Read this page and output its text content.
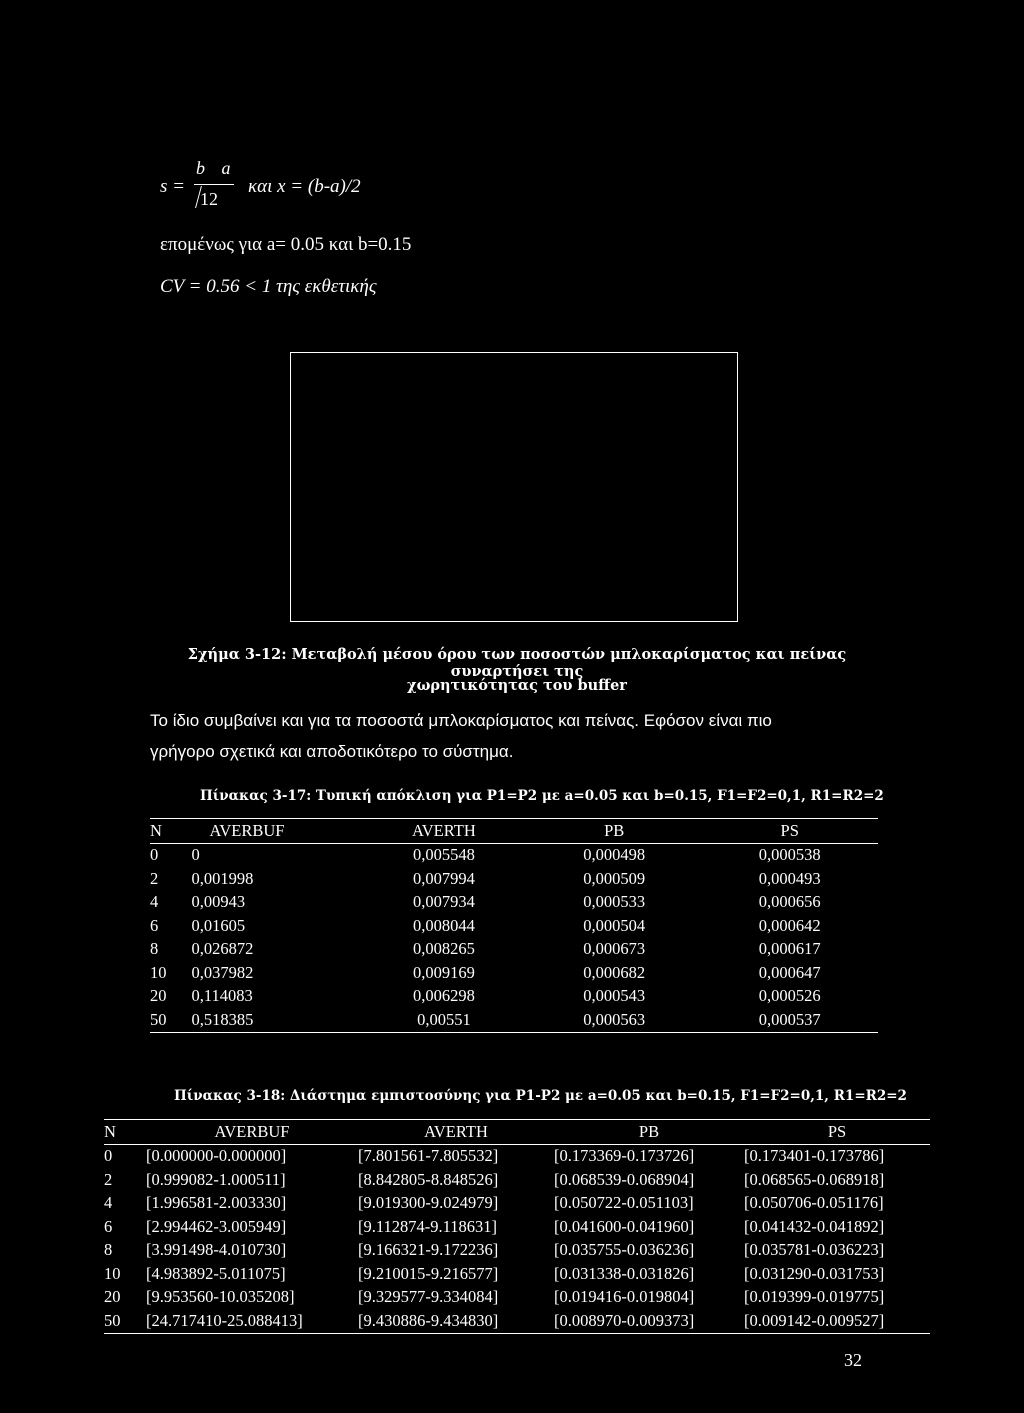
s =
b a
12
και x = (b-a)/2
επομένως για a= 0.05 και b=0.15
CV = 0.56 < 1 της εκθετικής
Σχήμα 3-12: Μεταβολή μέσου όρου των ποσοστών μπλοκαρίσματος και πείνας συναρτήσει της
χωρητικότητας του buffer
Το ίδιο συμβαίνει και για τα ποσοστά μπλοκαρίσματος και πείνας. Εφόσον είναι πιο
γρήγορο σχετικά και αποδοτικότερο το σύστημα.
Πίνακας 3-17: Τυπική απόκλιση για P1=P2 με a=0.05 και b=0.15, F1=F2=0,1, R1=R2=2
N	AVERBUF	AVERTH	PB	PS
0	0	0,005548	0,000498	0,000538
2	0,001998	0,007994	0,000509	0,000493
4	0,00943	0,007934	0,000533	0,000656
6	0,01605	0,008044	0,000504	0,000642
8	0,026872	0,008265	0,000673	0,000617
10	0,037982	0,009169	0,000682	0,000647
20	0,114083	0,006298	0,000543	0,000526
50	0,518385	0,00551	0,000563	0,000537
Πίνακας 3-18: Διάστημα εμπιστοσύνης για P1-P2 με a=0.05 και b=0.15, F1=F2=0,1, R1=R2=2
N	AVERBUF	AVERTH	PB	PS
0	[0.000000-0.000000]	[7.801561-7.805532]	[0.173369-0.173726]	[0.173401-0.173786]
2	[0.999082-1.000511]	[8.842805-8.848526]	[0.068539-0.068904]	[0.068565-0.068918]
4	[1.996581-2.003330]	[9.019300-9.024979]	[0.050722-0.051103]	[0.050706-0.051176]
6	[2.994462-3.005949]	[9.112874-9.118631]	[0.041600-0.041960]	[0.041432-0.041892]
8	[3.991498-4.010730]	[9.166321-9.172236]	[0.035755-0.036236]	[0.035781-0.036223]
10	[4.983892-5.011075]	[9.210015-9.216577]	[0.031338-0.031826]	[0.031290-0.031753]
20	[9.953560-10.035208]	[9.329577-9.334084]	[0.019416-0.019804]	[0.019399-0.019775]
50	[24.717410-25.088413]	[9.430886-9.434830]	[0.008970-0.009373]	[0.009142-0.009527]
32
